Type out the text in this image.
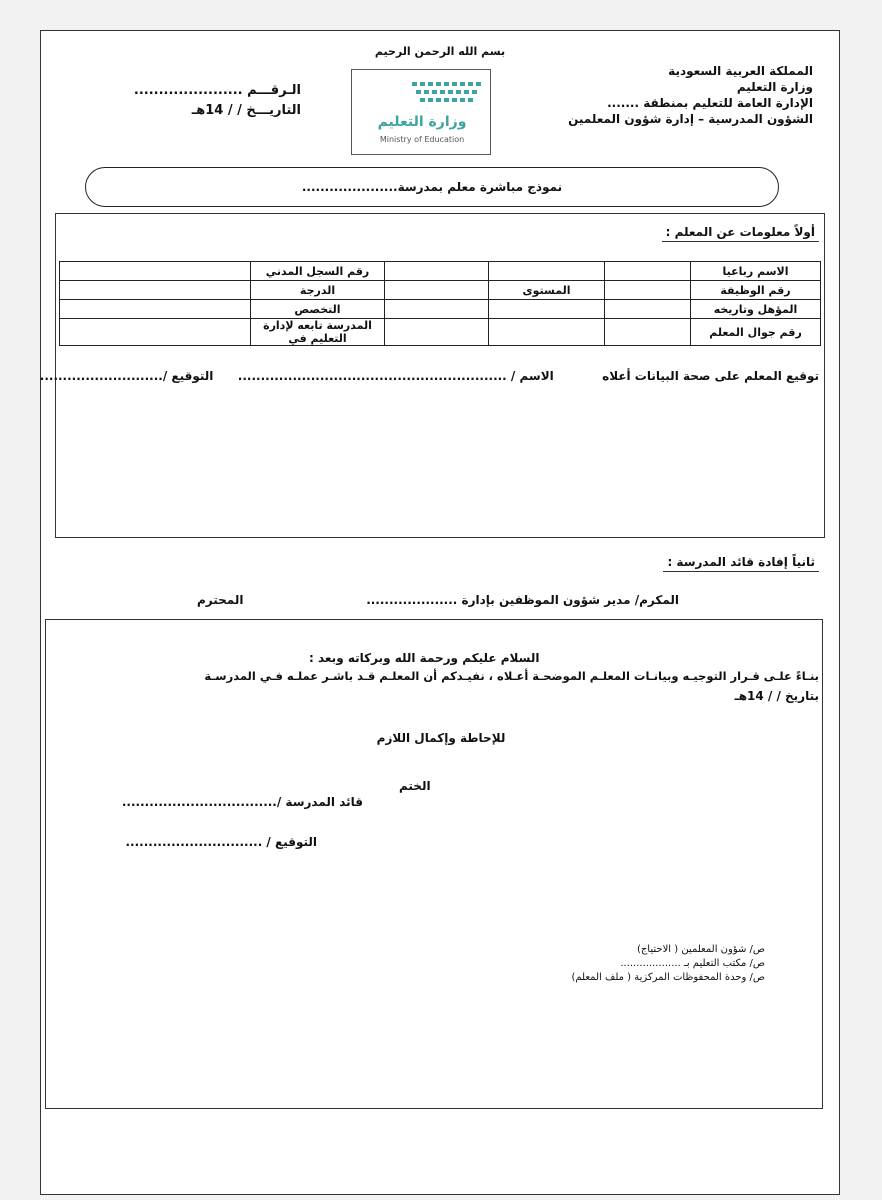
بسم الله الرحمن الرحيم
المملكة العربية السعودية
وزارة التعليم
الإدارة العامة للتعليم بمنطقة .......
الشؤون المدرسية – إدارة شؤون المعلمين
وزارة التعليم
Ministry of Education
الـرقـــم ......................
التاريـــخ / / 14هـ
نموذج مباشرة معلم بمدرسة.....................
أولاً معلومات عن المعلم :
الاسم رباعيا				رقم السجل المدني	
رقم الوظيفة		المستوى		الدرجة	
المؤهل وتاريخه				التخصص	
رقم جوال المعلم				المدرسة تابعه لإدارة التعليم في	
توقيع المعلم على صحة البيانات أعلاه  الاسم / ...........................................................  التوقيع /...........................
ثانياً إفادة قائد المدرسة :
المكرم/ مدير شؤون الموظفين بإدارة ....................
المحترم
السلام عليكم ورحمة الله وبركاته وبعد :
بنـاءً علـى قـرار التوجيـه وبيانـات المعلـم الموضحـة أعـلاه ، نفيـدكم أن المعلـم قـد باشـر عملـه فـي المدرسـة
بتاريخ / / 14هـ
للإحاطة وإكمال اللازم
الختم
قائد المدرسة /..................................
التوقيع / ..............................
ص/ شؤون المعلمين ( الاحتياج)
ص/ مكتب التعليم بـ ...................
ص/ وحدة المحفوظات المركزية ( ملف المعلم)
